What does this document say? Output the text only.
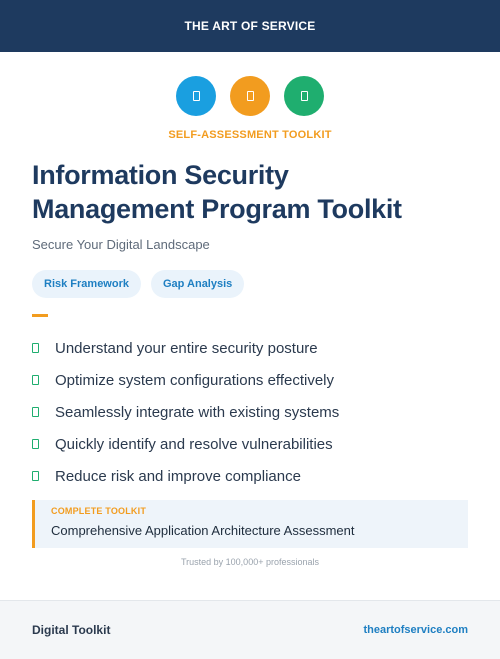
THE ART OF SERVICE
SELF-ASSESSMENT TOOLKIT
Information Security
Management Program Toolkit
Secure Your Digital Landscape
Risk Framework	Gap Analysis
Understand your entire security posture
Optimize system configurations effectively
Seamlessly integrate with existing systems
Quickly identify and resolve vulnerabilities
Reduce risk and improve compliance
COMPLETE TOOLKIT
Comprehensive Application Architecture Assessment
Trusted by 100,000+ professionals
Digital Toolkit	theartofservice.com
